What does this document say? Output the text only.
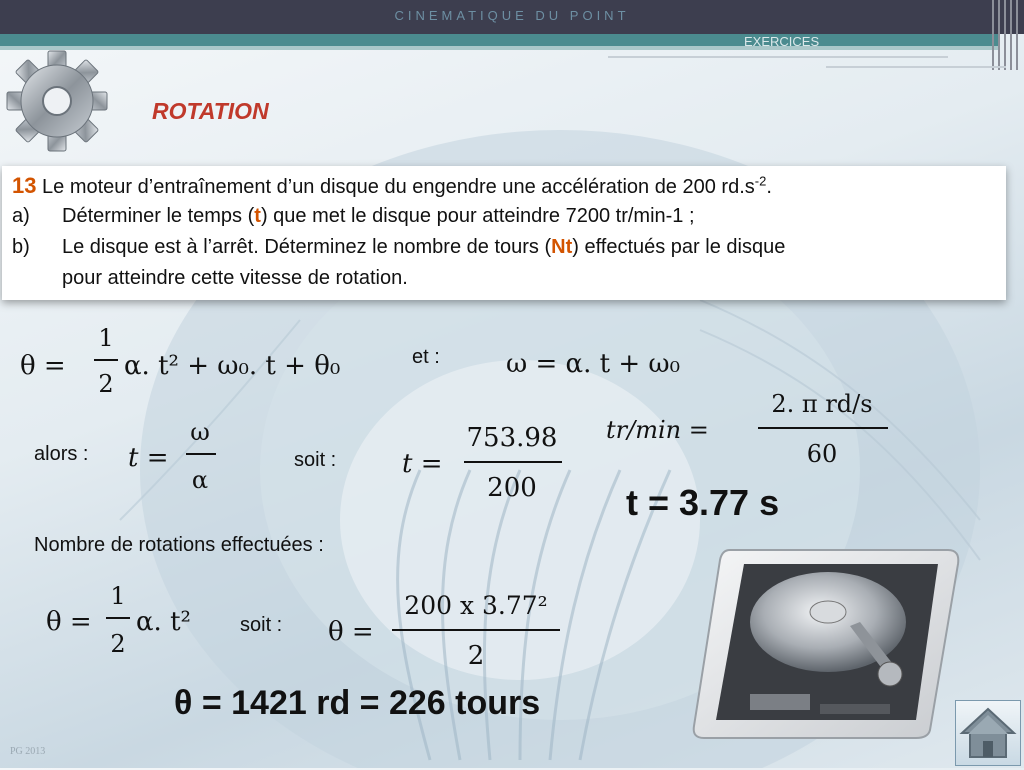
CINEMATIQUE DU POINT
EXERCICES
ROTATION
13 Le moteur d’entraînement d’un disque du engendre une accélération de 200 $rd.s^{-2}$.
a) Déterminer le temps (t) que met le disque pour atteindre 7200 tr/min-1 ;
b) Le disque est à l’arrêt. Déterminez le nombre de tours (Nt) effectués par le disque
pour atteindre cette vitesse de rotation.
θ =
1
2
α. t² + ω₀. t + θ₀	et :	ω = α. t + ω₀
alors : t =
ω
α
soit :	t =
753.98
200
tr/min =
2. π rd/s
60
t = 3.77 s
Nombre de rotations effectuées :
θ =
1
2
α. t² soit : θ =
200 x 3.77²
2
θ = 1421 rd = 226 tours
PG 2013
